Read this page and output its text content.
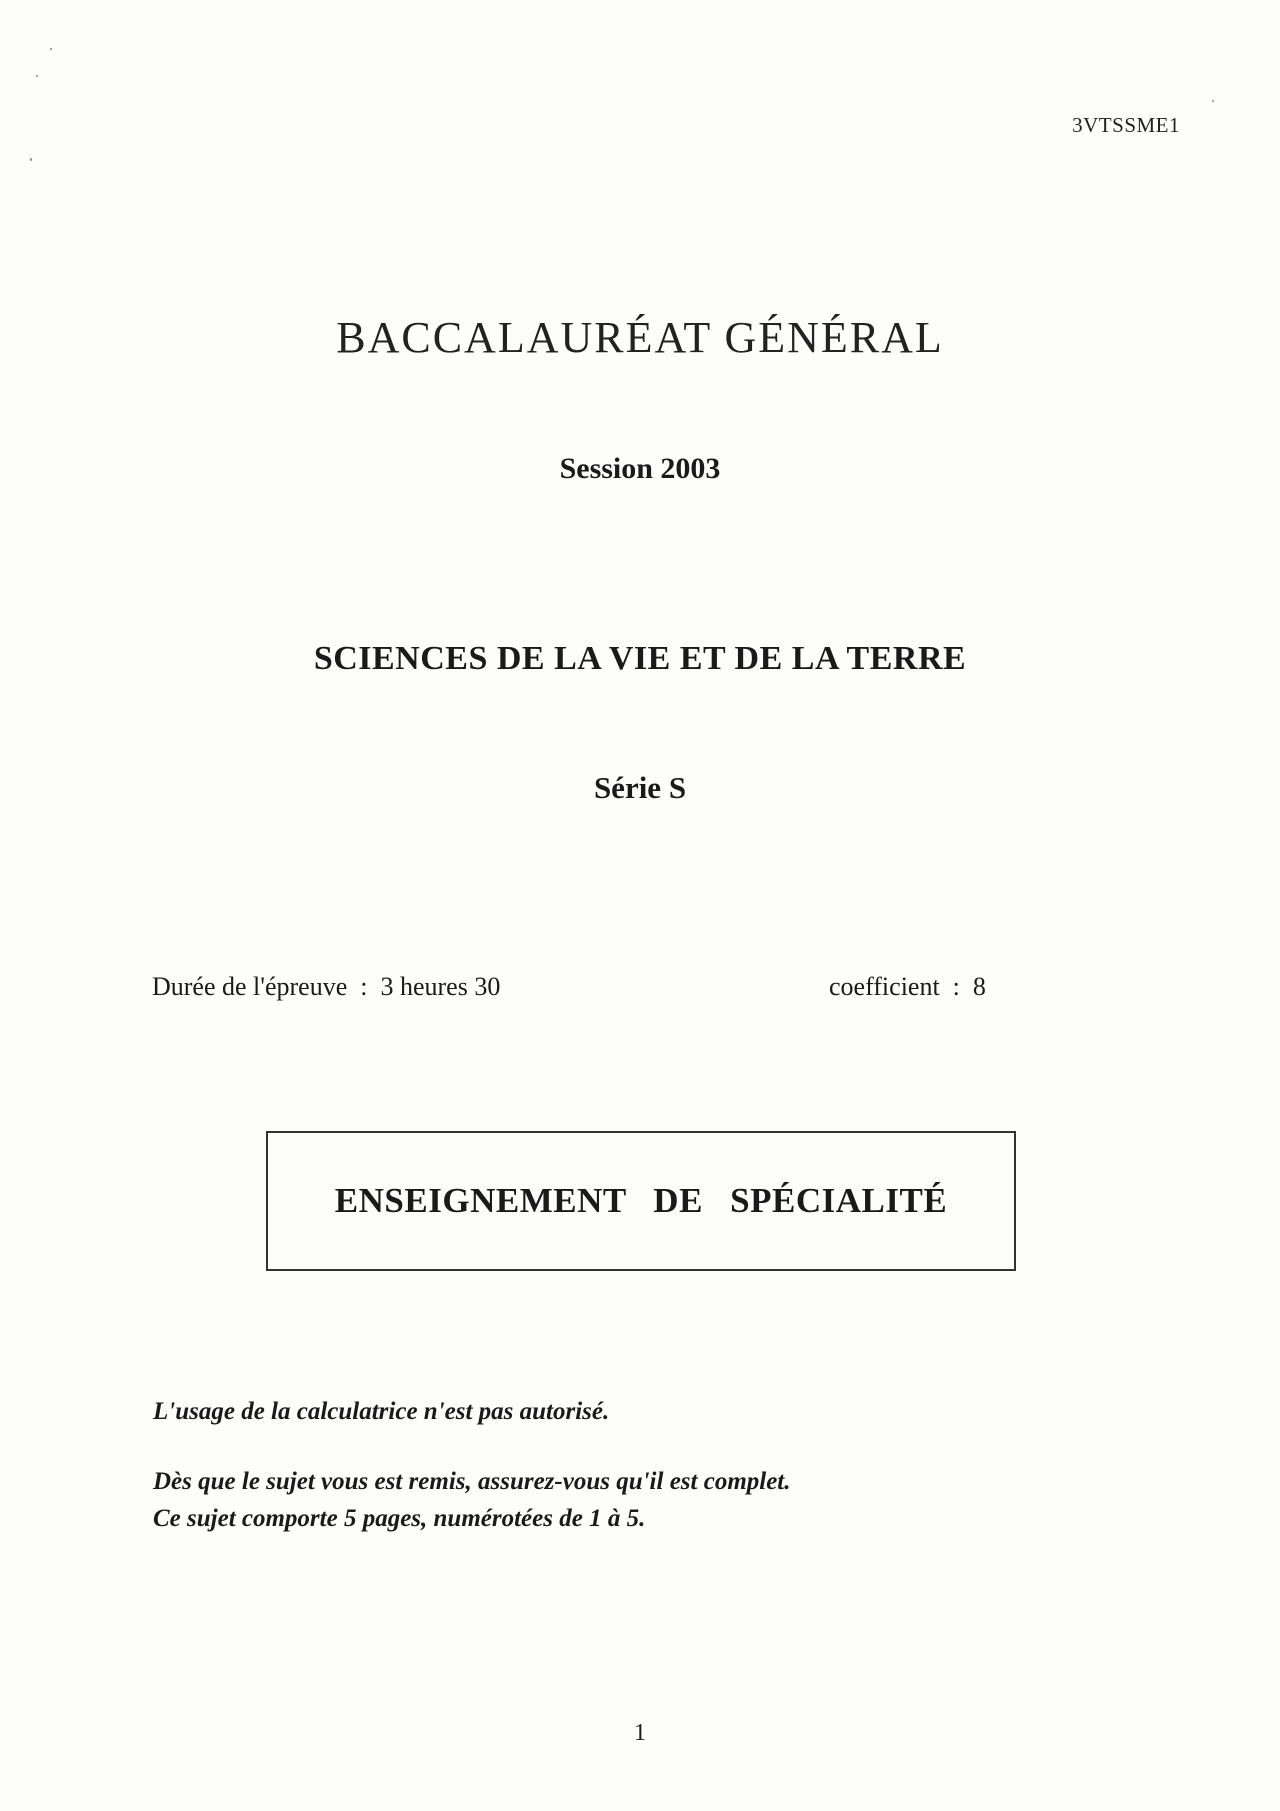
3VTSSME1
BACCALAURÉAT GÉNÉRAL
Session 2003
SCIENCES DE LA VIE ET DE LA TERRE
Série S
Durée de l'épreuve  :  3 heures 30	coefficient  :  8
ENSEIGNEMENT DE SPÉCIALITÉ
L'usage de la calculatrice n'est pas autorisé.
Dès que le sujet vous est remis, assurez-vous qu'il est complet.
Ce sujet comporte 5 pages, numérotées de 1 à 5.
1
